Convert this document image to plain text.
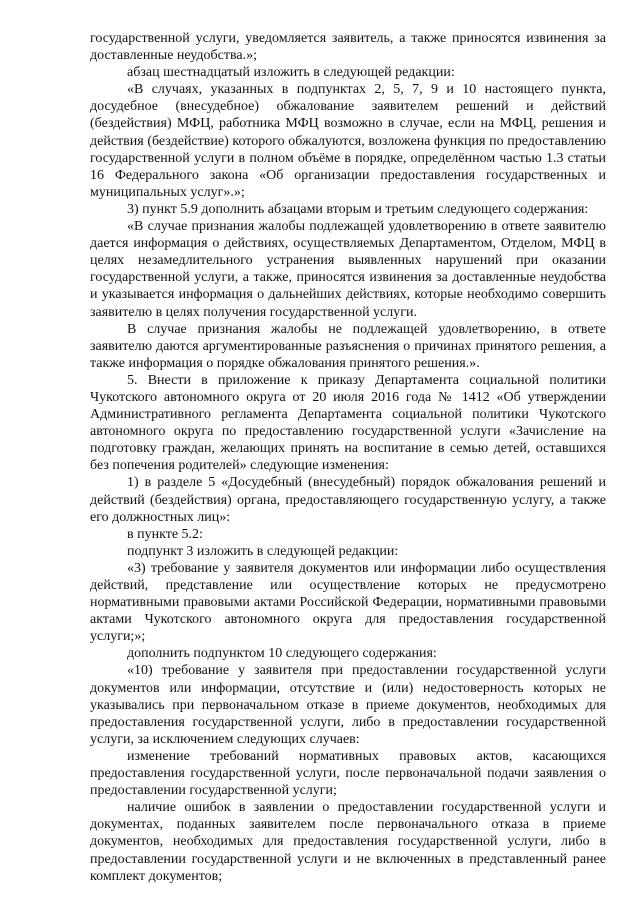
государственной услуги, уведомляется заявитель, а также приносятся извинения за доставленные неудобства.»;

абзац шестнадцатый изложить в следующей редакции:

«В случаях, указанных в подпунктах 2, 5, 7, 9 и 10 настоящего пункта, досудебное (внесудебное) обжалование заявителем решений и действий (бездействия) МФЦ, работника МФЦ возможно в случае, если на МФЦ, решения и действия (бездействие) которого обжалуются, возложена функция по предоставлению государственной услуги в полном объёме в порядке, определённом частью 1.3 статьи 16 Федерального закона «Об организации предоставления государственных и муниципальных услуг».»;

3) пункт 5.9 дополнить абзацами вторым и третьим следующего содержания:

«В случае признания жалобы подлежащей удовлетворению в ответе заявителю дается информация о действиях, осуществляемых Департаментом, Отделом, МФЦ в целях незамедлительного устранения выявленных нарушений при оказании государственной услуги, а также, приносятся извинения за доставленные неудобства и указывается информация о дальнейших действиях, которые необходимо совершить заявителю в целях получения государственной услуги.

В случае признания жалобы не подлежащей удовлетворению, в ответе заявителю даются аргументированные разъяснения о причинах принятого решения, а также информация о порядке обжалования принятого решения.».

5. Внести в приложение к приказу Департамента социальной политики Чукотского автономного округа от 20 июля 2016 года № 1412 «Об утверждении Административного регламента Департамента социальной политики Чукотского автономного округа по предоставлению государственной услуги «Зачисление на подготовку граждан, желающих принять на воспитание в семью детей, оставшихся без попечения родителей» следующие изменения:

1) в разделе 5 «Досудебный (внесудебный) порядок обжалования решений и действий (бездействия) органа, предоставляющего государственную услугу, а также его должностных лиц»:

в пункте 5.2:

подпункт 3 изложить в следующей редакции:

«3) требование у заявителя документов или информации либо осуществления действий, представление или осуществление которых не предусмотрено нормативными правовыми актами Российской Федерации, нормативными правовыми актами Чукотского автономного округа для предоставления государственной услуги;»;

дополнить подпунктом 10 следующего содержания:

«10) требование у заявителя при предоставлении государственной услуги документов или информации, отсутствие и (или) недостоверность которых не указывались при первоначальном отказе в приеме документов, необходимых для предоставления государственной услуги, либо в предоставлении государственной услуги, за исключением следующих случаев:

изменение требований нормативных правовых актов, касающихся предоставления государственной услуги, после первоначальной подачи заявления о предоставлении государственной услуги;

наличие ошибок в заявлении о предоставлении государственной услуги и документах, поданных заявителем после первоначального отказа в приеме документов, необходимых для предоставления государственной услуги, либо в предоставлении государственной услуги и не включенных в представленный ранее комплект документов;
